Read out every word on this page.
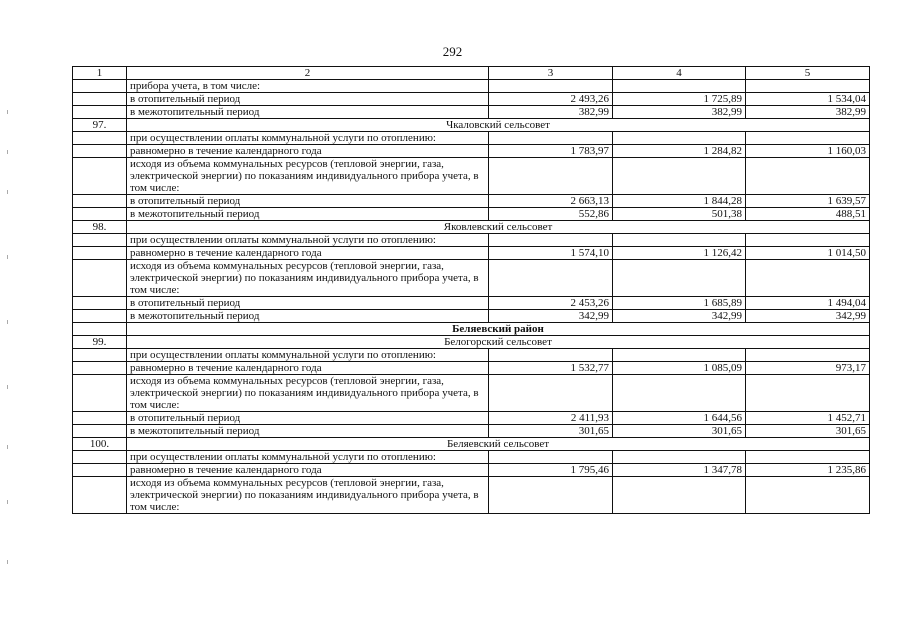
292
1	2	3	4	5
	прибора учета, в том числе:			
	в отопительный период	2 493,26	1 725,89	1 534,04
	в межотопительный период	382,99	382,99	382,99
97.	Чкаловский сельсовет			
	при осуществлении оплаты коммунальной услуги по отоплению:			
	равномерно в течение календарного года	1 783,97	1 284,82	1 160,03
	исходя из объема коммунальных ресурсов (тепловой энергии, газа, электрической энергии) по показаниям индивидуального прибора учета, в том числе:			
	в отопительный период	2 663,13	1 844,28	1 639,57
	в межотопительный период	552,86	501,38	488,51
98.	Яковлевский сельсовет			
	при осуществлении оплаты коммунальной услуги по отоплению:			
	равномерно в течение календарного года	1 574,10	1 126,42	1 014,50
	исходя из объема коммунальных ресурсов (тепловой энергии, газа, электрической энергии) по показаниям индивидуального прибора учета, в том числе:			
	в отопительный период	2 453,26	1 685,89	1 494,04
	в межотопительный период	342,99	342,99	342,99
	Беляевский район			
99.	Белогорский сельсовет			
	при осуществлении оплаты коммунальной услуги по отоплению:			
	равномерно в течение календарного года	1 532,77	1 085,09	973,17
	исходя из объема коммунальных ресурсов (тепловой энергии, газа, электрической энергии) по показаниям индивидуального прибора учета, в том числе:			
	в отопительный период	2 411,93	1 644,56	1 452,71
	в межотопительный период	301,65	301,65	301,65
100.	Беляевский сельсовет			
	при осуществлении оплаты коммунальной услуги по отоплению:			
	равномерно в течение календарного года	1 795,46	1 347,78	1 235,86
	исходя из объема коммунальных ресурсов (тепловой энергии, газа, электрической энергии) по показаниям индивидуального прибора учета, в том числе:			
